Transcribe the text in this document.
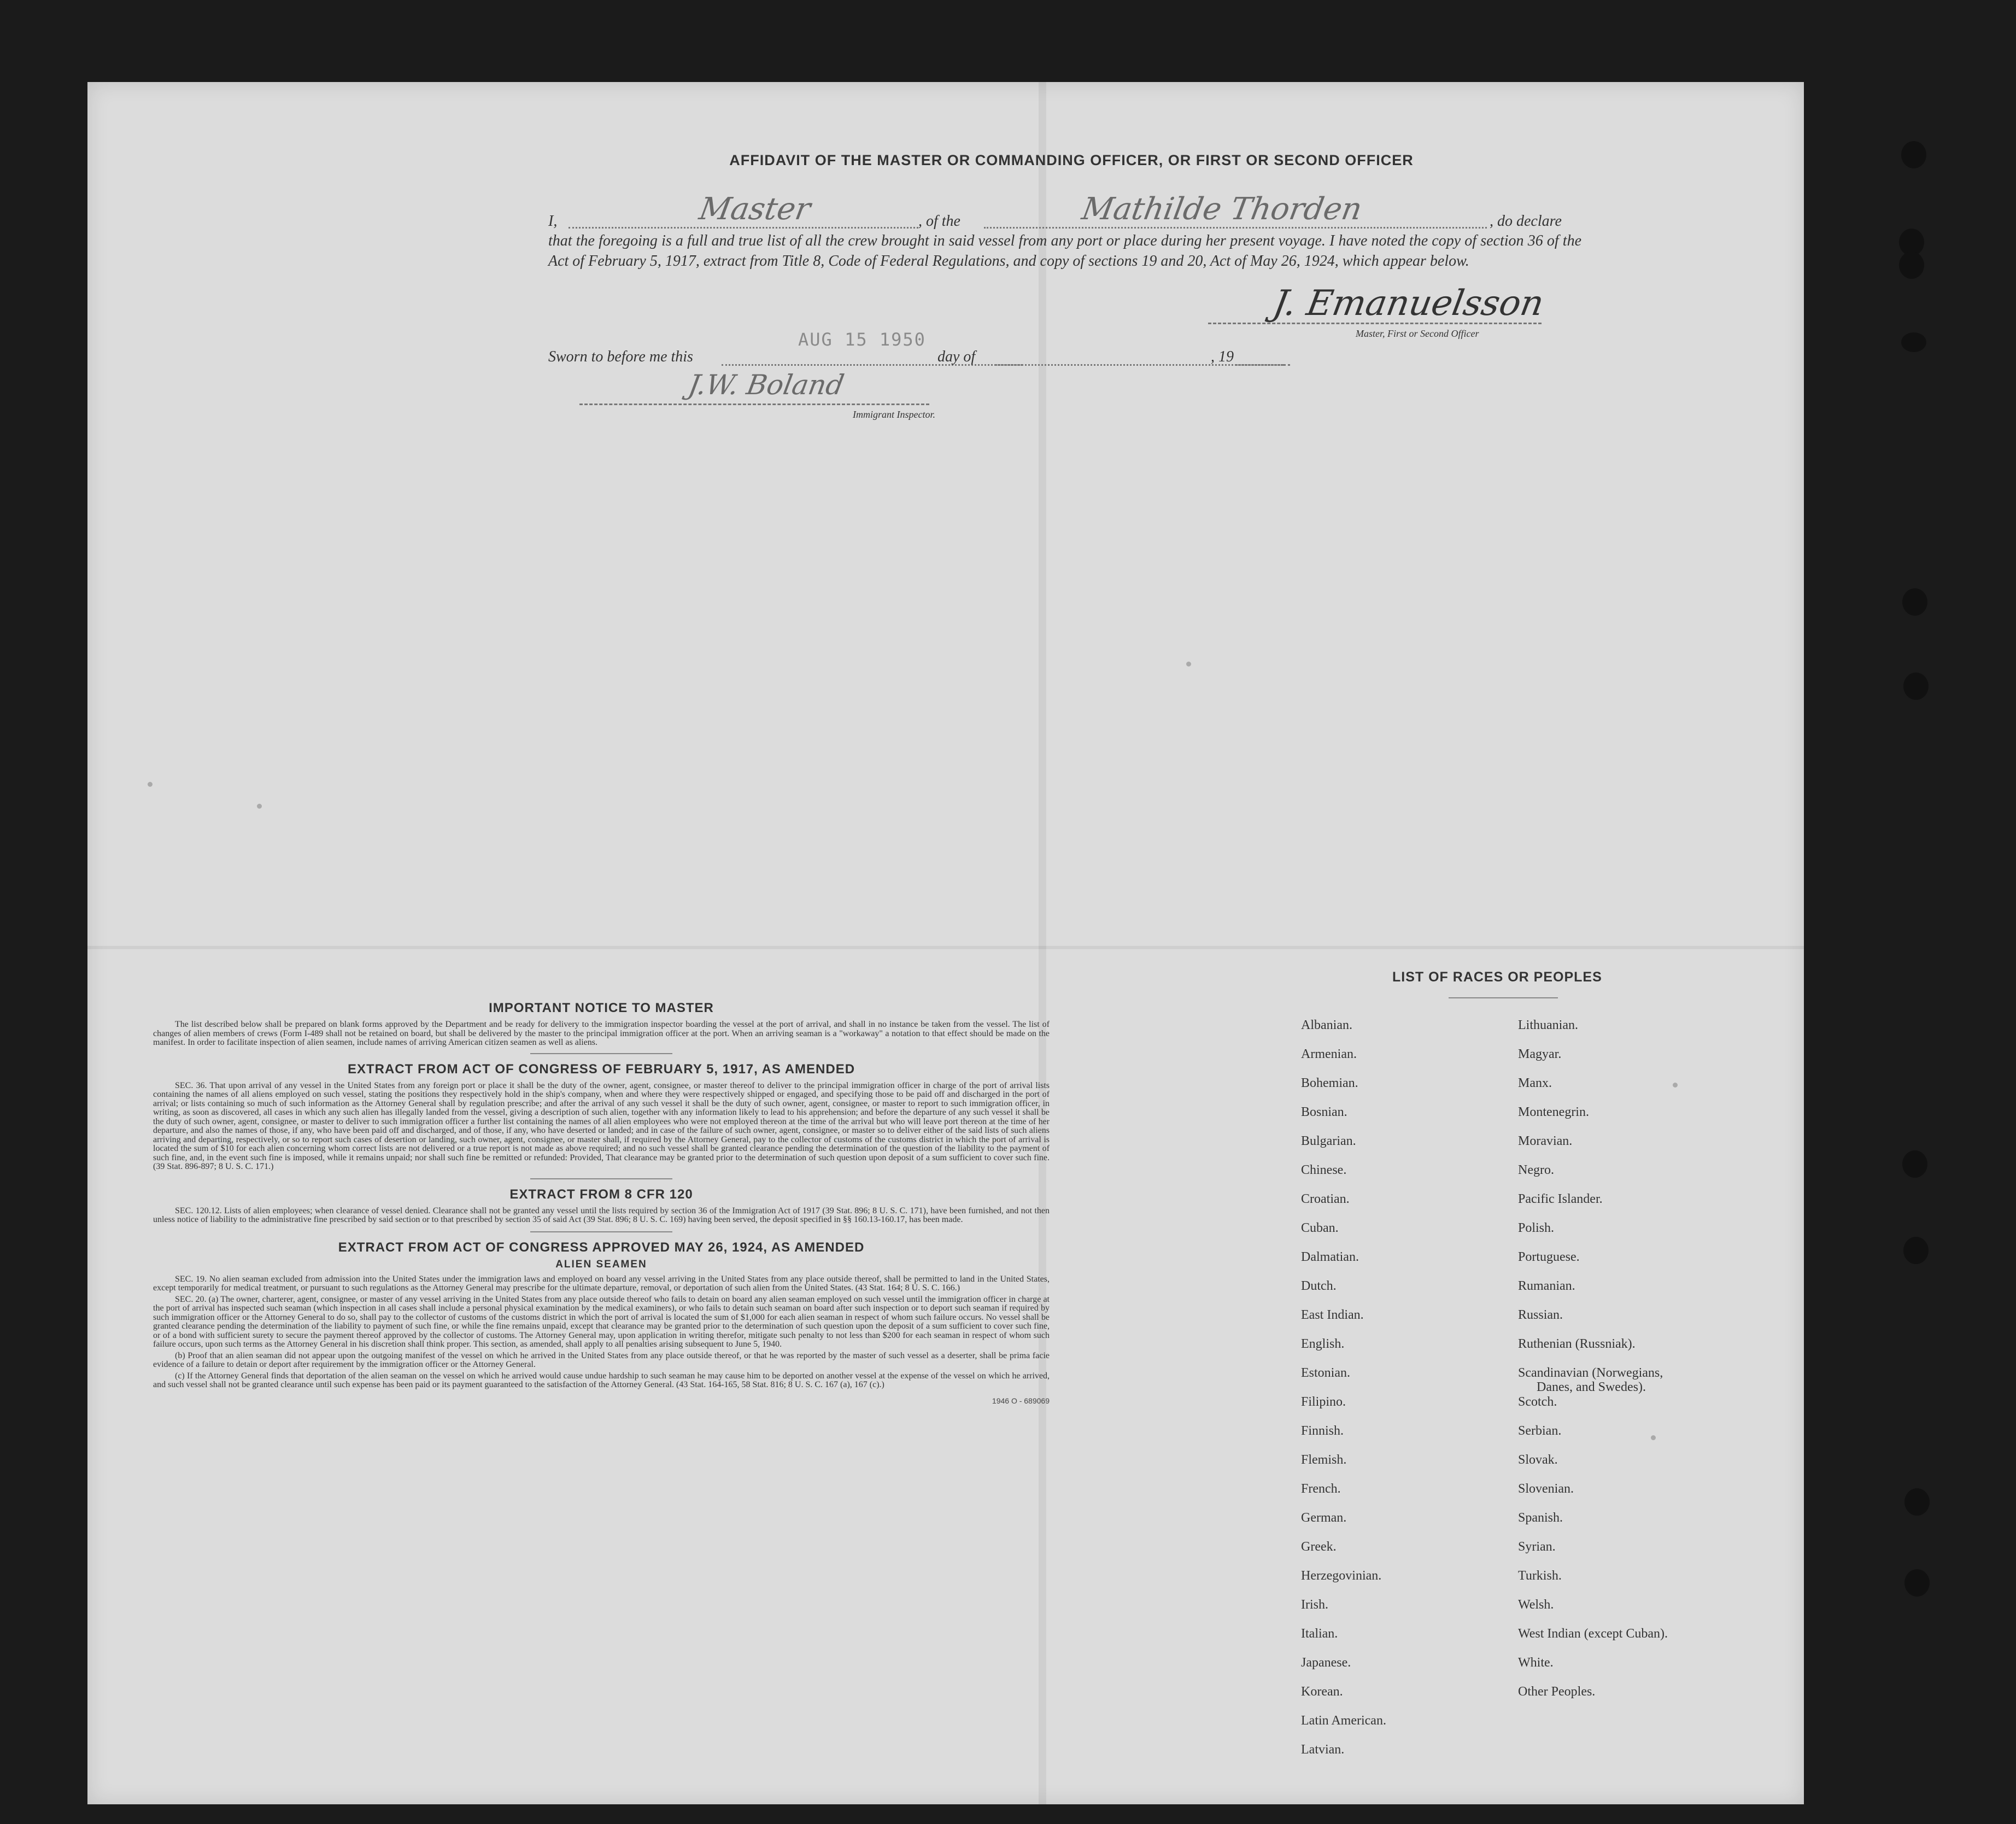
AFFIDAVIT OF THE MASTER OR COMMANDING OFFICER, OR FIRST OR SECOND OFFICER
I,	Master	, of the	Mathilde Thorden	, do declare
that the foregoing is a full and true list of all the crew brought in said vessel from any port or place during her present voyage. I have noted the copy of section 36 of the Act of February 5, 1917, extract from Title 8, Code of Federal Regulations, and copy of sections 19 and 20, Act of May 26, 1924, which appear below.
J. Emanuelsson
Master, First or Second Officer
Sworn to before me this
AUG 15 1950
day of	, 19
J.W. Boland
Immigrant Inspector.
IMPORTANT NOTICE TO MASTER

The list described below shall be prepared on blank forms approved by the Department and be ready for delivery to the immigration inspector boarding the vessel at the port of arrival, and shall in no instance be taken from the vessel. The list of changes of alien members of crews (Form I-489 shall not be retained on board, but shall be delivered by the master to the principal immigration officer at the port. When an arriving seaman is a "workaway" a notation to that effect should be made on the manifest. In order to facilitate inspection of alien seamen, include names of arriving American citizen seamen as well as aliens.

EXTRACT FROM ACT OF CONGRESS OF FEBRUARY 5, 1917, AS AMENDED

SEC. 36. That upon arrival of any vessel in the United States from any foreign port or place it shall be the duty of the owner, agent, consignee, or master thereof to deliver to the principal immigration officer in charge of the port of arrival lists containing the names of all aliens employed on such vessel, stating the positions they respectively hold in the ship's company, when and where they were respectively shipped or engaged, and specifying those to be paid off and discharged in the port of arrival; or lists containing so much of such information as the Attorney General shall by regulation prescribe; and after the arrival of any such vessel it shall be the duty of such owner, agent, consignee, or master to report to such immigration officer, in writing, as soon as discovered, all cases in which any such alien has illegally landed from the vessel, giving a description of such alien, together with any information likely to lead to his apprehension; and before the departure of any such vessel it shall be the duty of such owner, agent, consignee, or master to deliver to such immigration officer a further list containing the names of all alien employees who were not employed thereon at the time of the arrival but who will leave port thereon at the time of her departure, and also the names of those, if any, who have been paid off and discharged, and of those, if any, who have deserted or landed; and in case of the failure of such owner, agent, consignee, or master so to deliver either of the said lists of such aliens arriving and departing, respectively, or so to report such cases of desertion or landing, such owner, agent, consignee, or master shall, if required by the Attorney General, pay to the collector of customs of the customs district in which the port of arrival is located the sum of $10 for each alien concerning whom correct lists are not delivered or a true report is not made as above required; and no such vessel shall be granted clearance pending the determination of the question of the liability to the payment of such fine, and, in the event such fine is imposed, while it remains unpaid; nor shall such fine be remitted or refunded: Provided, That clearance may be granted prior to the determination of such question upon deposit of a sum sufficient to cover such fine. (39 Stat. 896-897; 8 U. S. C. 171.)

EXTRACT FROM 8 CFR 120

SEC. 120.12. Lists of alien employees; when clearance of vessel denied. Clearance shall not be granted any vessel until the lists required by section 36 of the Immigration Act of 1917 (39 Stat. 896; 8 U. S. C. 171), have been furnished, and not then unless notice of liability to the administrative fine prescribed by said section or to that prescribed by section 35 of said Act (39 Stat. 896; 8 U. S. C. 169) having been served, the deposit specified in §§ 160.13-160.17, has been made.

EXTRACT FROM ACT OF CONGRESS APPROVED MAY 26, 1924, AS AMENDED
ALIEN SEAMEN

SEC. 19. No alien seaman excluded from admission into the United States under the immigration laws and employed on board any vessel arriving in the United States from any place outside thereof, shall be permitted to land in the United States, except temporarily for medical treatment, or pursuant to such regulations as the Attorney General may prescribe for the ultimate departure, removal, or deportation of such alien from the United States. (43 Stat. 164; 8 U. S. C. 166.)

SEC. 20. (a) The owner, charterer, agent, consignee, or master of any vessel arriving in the United States from any place outside thereof who fails to detain on board any alien seaman employed on such vessel until the immigration officer in charge at the port of arrival has inspected such seaman (which inspection in all cases shall include a personal physical examination by the medical examiners), or who fails to detain such seaman on board after such inspection or to deport such seaman if required by such immigration officer or the Attorney General to do so, shall pay to the collector of customs of the customs district in which the port of arrival is located the sum of $1,000 for each alien seaman in respect of whom such failure occurs. No vessel shall be granted clearance pending the determination of the liability to payment of such fine, or while the fine remains unpaid, except that clearance may be granted prior to the determination of such question upon the deposit of a sum sufficient to cover such fine, or of a bond with sufficient surety to secure the payment thereof approved by the collector of customs. The Attorney General may, upon application in writing therefor, mitigate such penalty to not less than $200 for each seaman in respect of whom such failure occurs, upon such terms as the Attorney General in his discretion shall think proper. This section, as amended, shall apply to all penalties arising subsequent to June 5, 1940.

(b) Proof that an alien seaman did not appear upon the outgoing manifest of the vessel on which he arrived in the United States from any place outside thereof, or that he was reported by the master of such vessel as a deserter, shall be prima facie evidence of a failure to detain or deport after requirement by the immigration officer or the Attorney General.

(c) If the Attorney General finds that deportation of the alien seaman on the vessel on which he arrived would cause undue hardship to such seaman he may cause him to be deported on another vessel at the expense of the vessel on which he arrived, and such vessel shall not be granted clearance until such expense has been paid or its payment guaranteed to the satisfaction of the Attorney General. (43 Stat. 164-165, 58 Stat. 816; 8 U. S. C. 167 (a), 167 (c).)

1946 O - 689069
LIST OF RACES OR PEOPLES
Albanian.
Armenian.
Bohemian.
Bosnian.
Bulgarian.
Chinese.
Croatian.
Cuban.
Dalmatian.
Dutch.
East Indian.
English.
Estonian.
Filipino.
Finnish.
Flemish.
French.
German.
Greek.
Herzegovinian.
Irish.
Italian.
Japanese.
Korean.
Latin American.
Latvian.
Lithuanian.
Magyar.
Manx.
Montenegrin.
Moravian.
Negro.
Pacific Islander.
Polish.
Portuguese.
Rumanian.
Russian.
Ruthenian (Russniak).
Scandinavian (Norwegians,
Danes, and Swedes).
Scotch.
Serbian.
Slovak.
Slovenian.
Spanish.
Syrian.
Turkish.
Welsh.
West Indian (except Cuban).
White.
Other Peoples.
